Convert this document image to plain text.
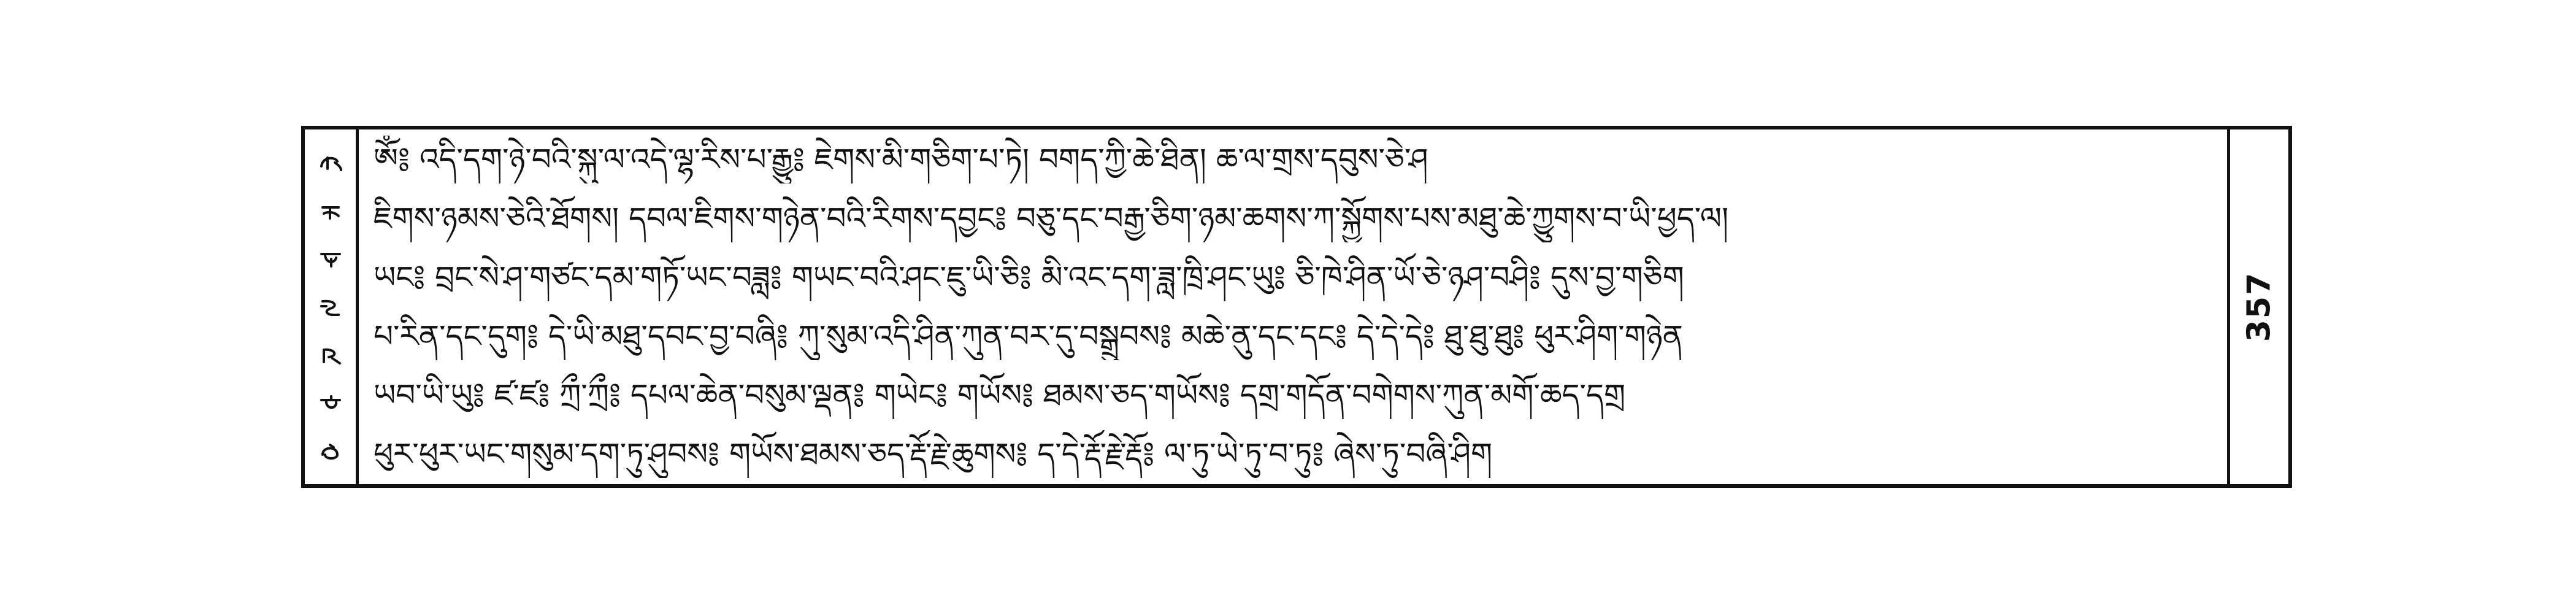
ༀ༔ འདི་དག་ཉེ་བའི་སྐུ་ལ་འདེ་ལྷ་རིས་པ་རྒྱུ༔ ཇེགས་མི་གཅིག་པ་ཏེ། བགད་ཀྱི་ཆེ་ཐིན། ཆ་ལ་གྲས་དབུས་ཅེ་ཤ
ཇིགས་ཉམས་ཅེའི་ཐོགས། དབལ་ཇིགས་གཉེན་བའི་རིགས་དབྱང༔ བཅུ་དང་བརྒྱ་ཅིག་ཉམ་ཆགས་ཀ་སྐྱོགས་པས་མཐུ་ཆེ་ཀྱུགས་བ་ཡི་ཕྱད་ལ།
ཡང༔ བྲང་སེ་ཤ་གཙང་དམ་གཏོ་ཡང་བཟླ༔ གཡང་བའི་ཤང་ཇུ་ཡི་ཅི༔ མི་འང་དག་ཟླ་ཁྲི་ཤང་ཡུ༔ ཅི་ཁེ་ཤིན་ཡོ་ཅེ་ཉཤ་བཤི༔ དུས་བྱ་གཅིག
པ་རིན་དང་དུག༔ དེ་ཡི་མཐུ་དབང་བྱ་བཞི༔ ཀུ་སུམ་འདི་ཤིན་ཀུན་བར་དུ་བསྒྲུབས༔ མཆེ་ནུ་དང་དང༔ དེ་དེ་དེ༔ ཐུ་ཐུ་ཐུ༔ ཕུར་ཤིག་གཉེན
ཡབ་ཡི་ཡུ༔ ཛ་ཛ༔ ཀྲྀ་ཀྲྀ༔ དཔལ་ཆེན་བསུམ་ལྡན༔ གཡེང༔ གཡོས༔ ཐམས་ཅད་གཡོས༔ དགྲ་གདོན་བགེགས་ཀུན་མགོ་ཆད་དགྲ
ཕུར་ཕུར་ཡང་གསུམ་དག་ཏུ་ཤུབས༔ གཡོས་ཐམས་ཅད་རྡོ་རྗེ་ཆུགས༔ ད་དེ་རྡོ་རྗེ་རྡོ༔ ལ་ཏུ་ཡེ་ཏུ་བ་ཏུ༔ ཞེས་ཏུ་བཞི་ཤིག
357
